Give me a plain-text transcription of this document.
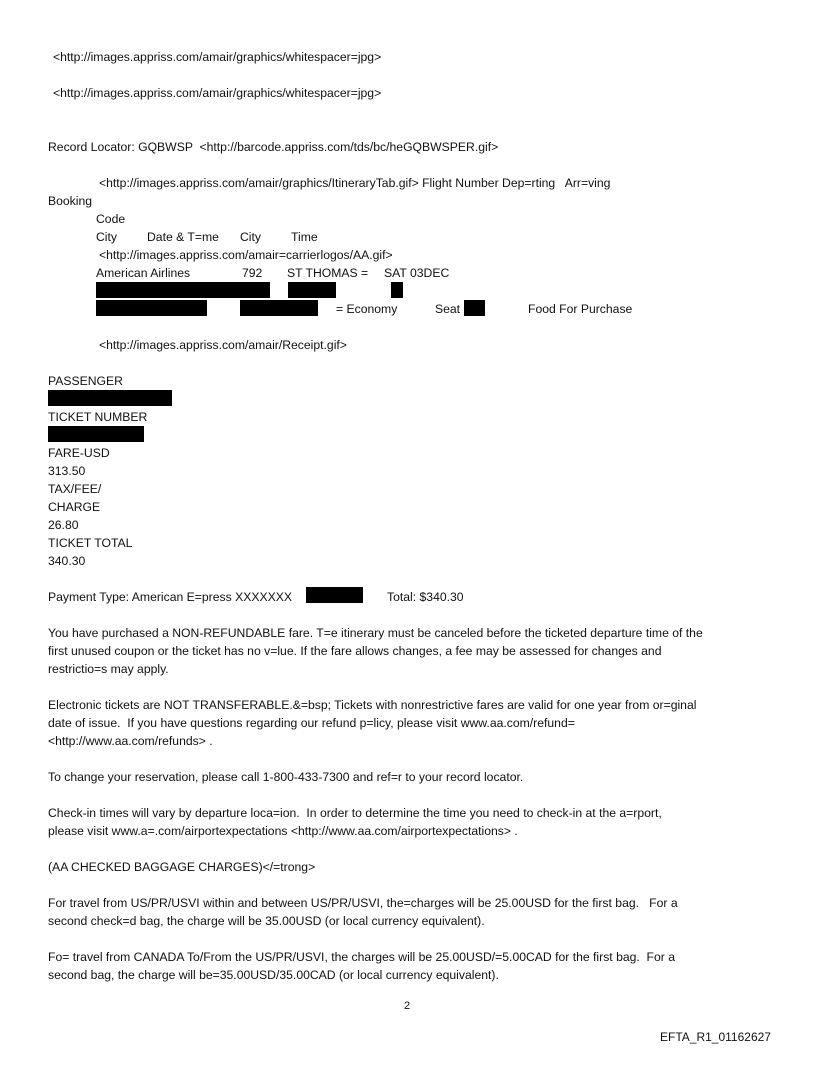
<http://images.appriss.com/amair/graphics/whitespacer=jpg>
<http://images.appriss.com/amair/graphics/whitespacer=jpg>
Record Locator: GQBWSP  <http://barcode.appriss.com/tds/bc/heGQBWSPER.gif>
<http://images.appriss.com/amair/graphics/ItineraryTab.gif> Flight Number Dep=rting   Arr=ving
Booking
Code
City Date & T=me City Time
<http://images.appriss.com/amair=carrierlogos/AA.gif>
American Airlines	792 ST THOMAS = SAT 03DEC
= Economy	Seat	Food For Purchase
<http://images.appriss.com/amair/Receipt.gif>
PASSENGER
TICKET NUMBER
FARE-USD
313.50
TAX/FEE/
CHARGE
26.80
TICKET TOTAL
340.30
Payment Type: American E=press XXXXXXX	Total: $340.30
You have purchased a NON-REFUNDABLE fare. T=e itinerary must be canceled before the ticketed departure time of the
first unused coupon or the ticket has no v=lue. If the fare allows changes, a fee may be assessed for changes and
restrictio=s may apply.
Electronic tickets are NOT TRANSFERABLE.&=bsp; Tickets with nonrestrictive fares are valid for one year from or=ginal
date of issue.  If you have questions regarding our refund p=licy, please visit www.aa.com/refund=
<http://www.aa.com/refunds> .
To change your reservation, please call 1-800-433-7300 and ref=r to your record locator.
Check-in times will vary by departure loca=ion.  In order to determine the time you need to check-in at the a=rport,
please visit www.a=.com/airportexpectations <http://www.aa.com/airportexpectations> .
(AA CHECKED BAGGAGE CHARGES)</=trong>
For travel from US/PR/USVI within and between US/PR/USVI, the=charges will be 25.00USD for the first bag.   For a
second check=d bag, the charge will be 35.00USD (or local currency equivalent).
Fo= travel from CANADA To/From the US/PR/USVI, the charges will be 25.00USD/=5.00CAD for the first bag.  For a
second bag, the charge will be=35.00USD/35.00CAD (or local currency equivalent).
2
EFTA_R1_01162627
